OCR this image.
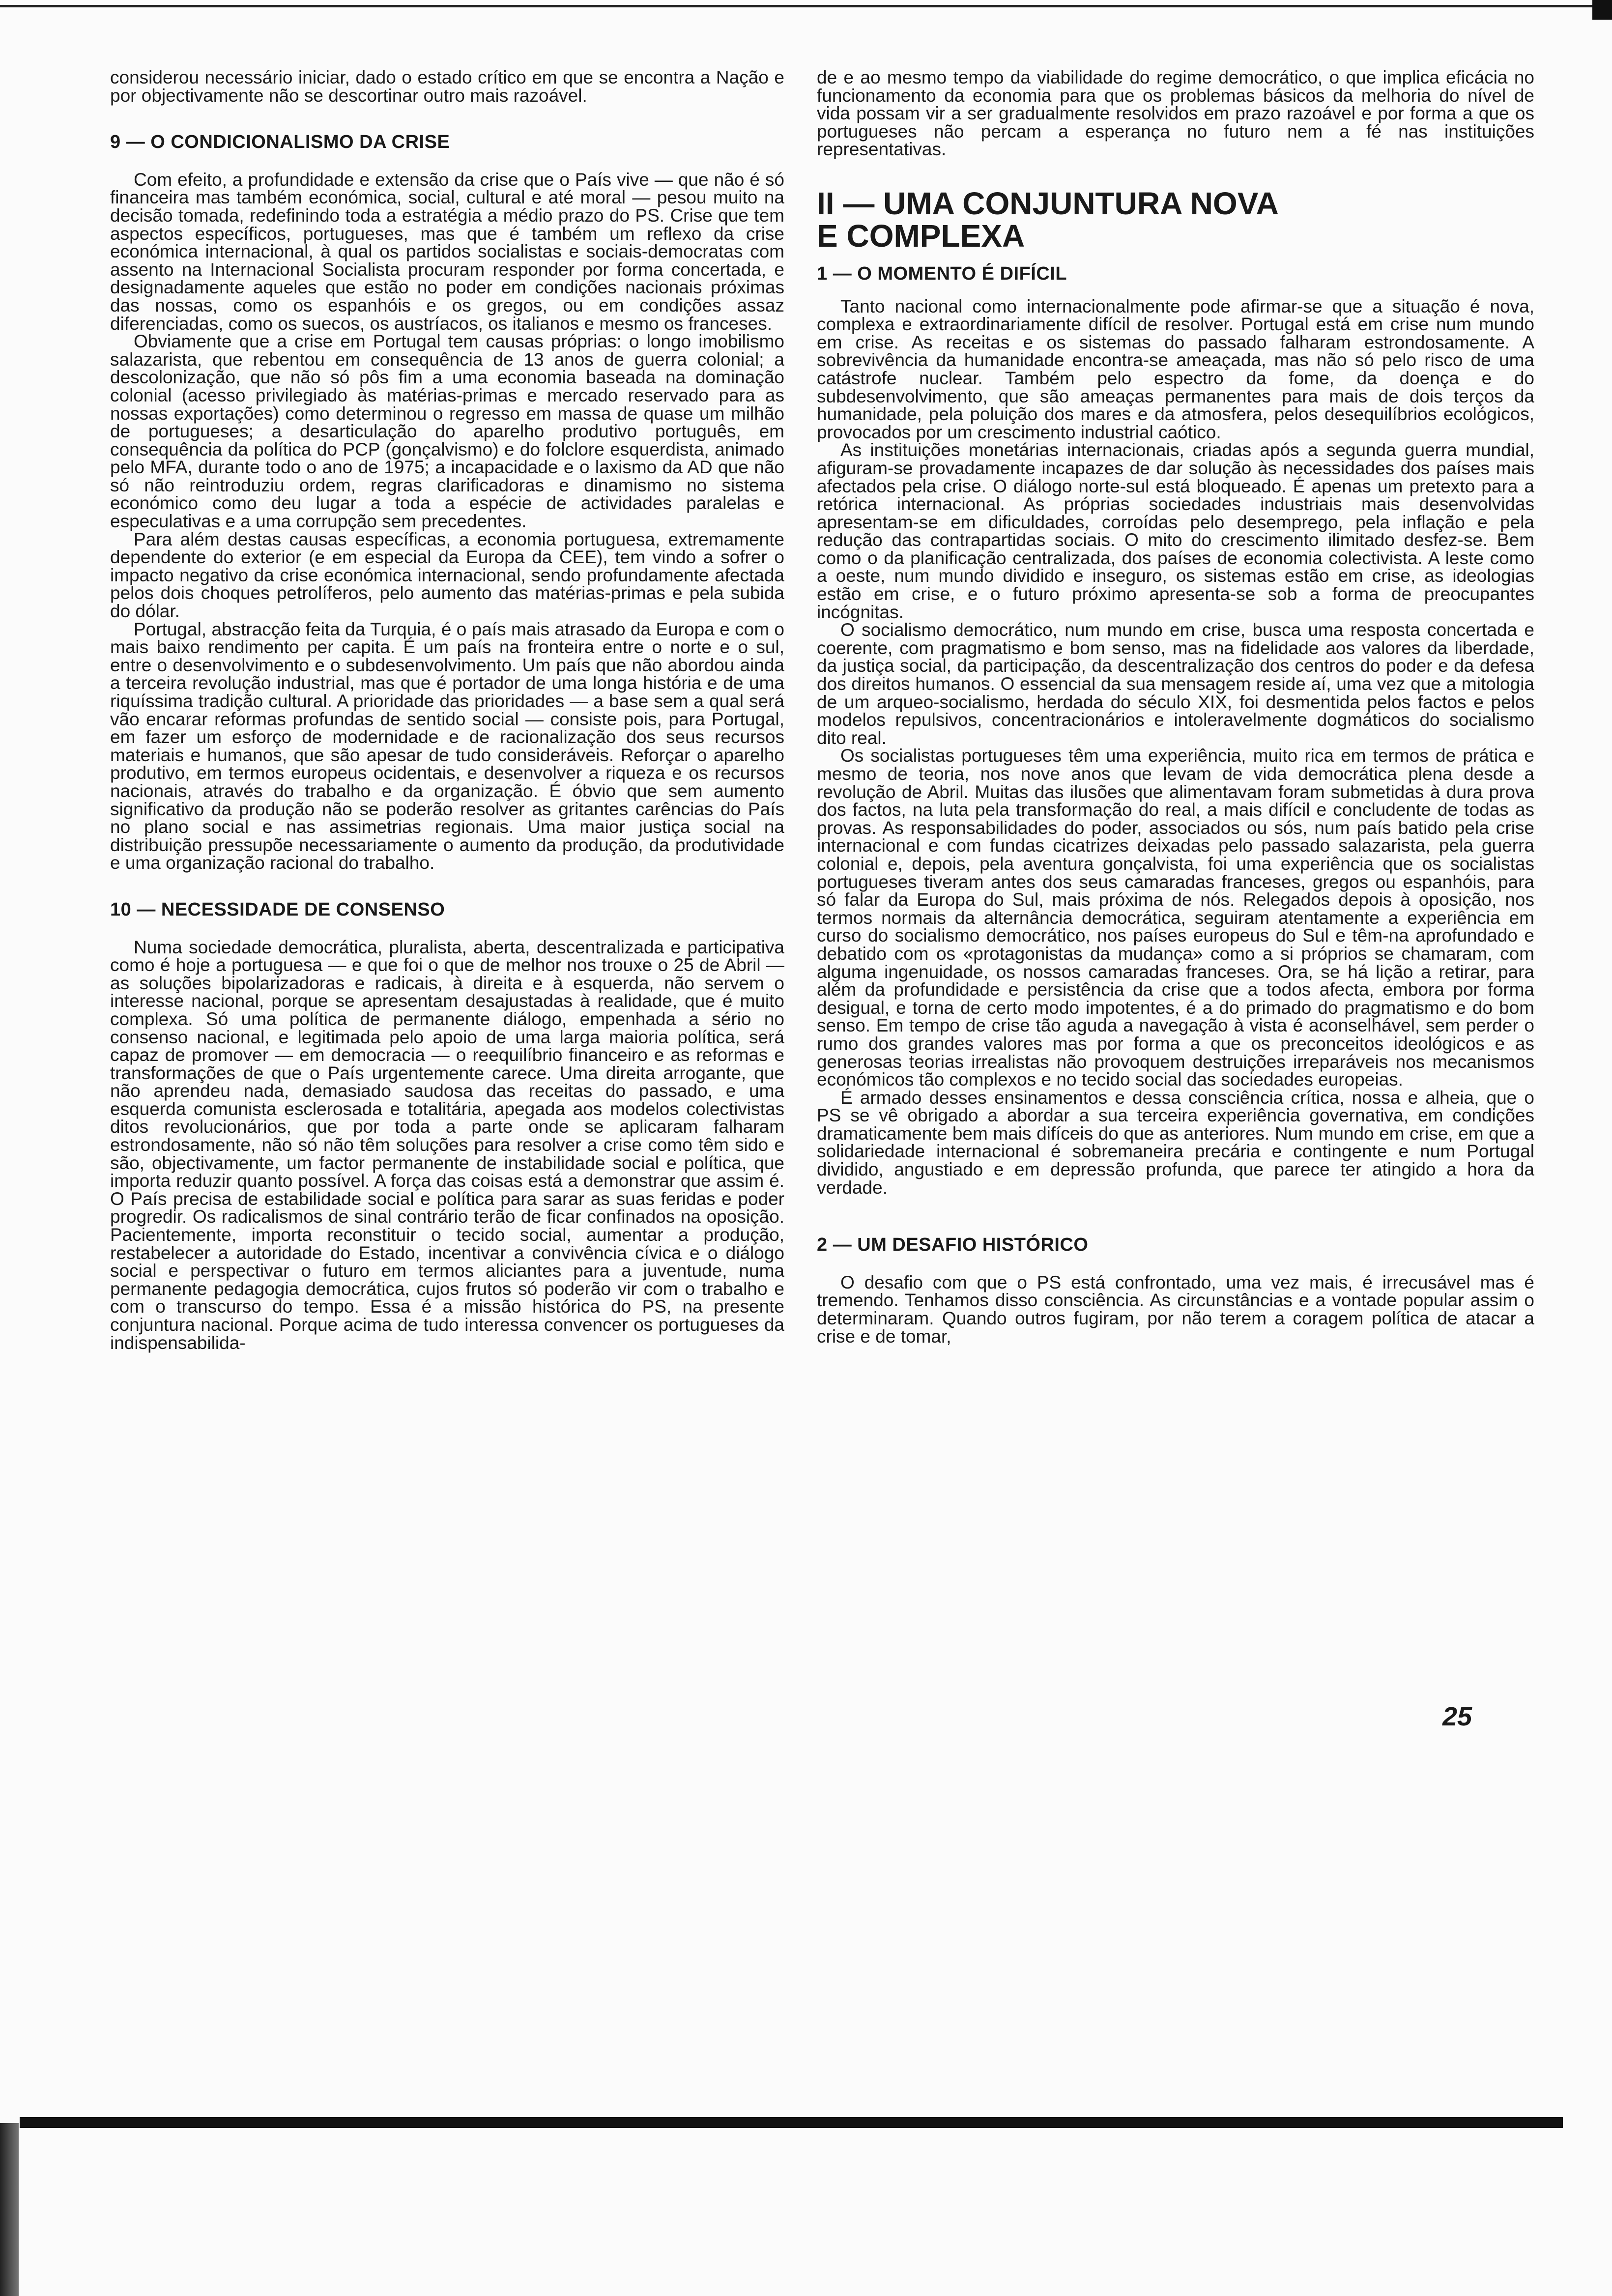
considerou necessário iniciar, dado o estado crítico em que se encontra a Nação e por objectivamente não se descortinar outro mais razoável.

9 — O CONDICIONALISMO DA CRISE

Com efeito, a profundidade e extensão da crise que o País vive — que não é só financeira mas também económica, social, cultural e até moral — pesou muito na decisão tomada, redefinindo toda a estratégia a médio prazo do PS. Crise que tem aspectos específicos, portugueses, mas que é também um reflexo da crise económica internacional, à qual os partidos socialistas e sociais-democratas com assento na Internacional Socialista procuram responder por forma concertada, e designadamente aqueles que estão no poder em condições nacionais próximas das nossas, como os espanhóis e os gregos, ou em condições assaz diferenciadas, como os suecos, os austríacos, os italianos e mesmo os franceses.

Obviamente que a crise em Portugal tem causas próprias: o longo imobilismo salazarista, que rebentou em consequência de 13 anos de guerra colonial; a descolonização, que não só pôs fim a uma economia baseada na dominação colonial (acesso privilegiado às matérias-primas e mercado reservado para as nossas exportações) como determinou o regresso em massa de quase um milhão de portugueses; a desarticulação do aparelho produtivo português, em consequência da política do PCP (gonçalvismo) e do folclore esquerdista, animado pelo MFA, durante todo o ano de 1975; a incapacidade e o laxismo da AD que não só não reintroduziu ordem, regras clarificadoras e dinamismo no sistema económico como deu lugar a toda a espécie de actividades paralelas e especulativas e a uma corrupção sem precedentes.

Para além destas causas específicas, a economia portuguesa, extremamente dependente do exterior (e em especial da Europa da CEE), tem vindo a sofrer o impacto negativo da crise económica internacional, sendo profundamente afectada pelos dois choques petrolíferos, pelo aumento das matérias-primas e pela subida do dólar.

Portugal, abstracção feita da Turquia, é o país mais atrasado da Europa e com o mais baixo rendimento per capita. É um país na fronteira entre o norte e o sul, entre o desenvolvimento e o subdesenvolvimento. Um país que não abordou ainda a terceira revolução industrial, mas que é portador de uma longa história e de uma riquíssima tradição cultural. A prioridade das prioridades — a base sem a qual será vão encarar reformas profundas de sentido social — consiste pois, para Portugal, em fazer um esforço de modernidade e de racionalização dos seus recursos materiais e humanos, que são apesar de tudo consideráveis. Reforçar o aparelho produtivo, em termos europeus ocidentais, e desenvolver a riqueza e os recursos nacionais, através do trabalho e da organização. É óbvio que sem aumento significativo da produção não se poderão resolver as gritantes carências do País no plano social e nas assimetrias regionais. Uma maior justiça social na distribuição pressupõe necessariamente o aumento da produção, da produtividade e uma organização racional do trabalho.

10 — NECESSIDADE DE CONSENSO

Numa sociedade democrática, pluralista, aberta, descentralizada e participativa como é hoje a portuguesa — e que foi o que de melhor nos trouxe o 25 de Abril — as soluções bipolarizadoras e radicais, à direita e à esquerda, não servem o interesse nacional, porque se apresentam desajustadas à realidade, que é muito complexa. Só uma política de permanente diálogo, empenhada a sério no consenso nacional, e legitimada pelo apoio de uma larga maioria política, será capaz de promover — em democracia — o reequilíbrio financeiro e as reformas e transformações de que o País urgentemente carece. Uma direita arrogante, que não aprendeu nada, demasiado saudosa das receitas do passado, e uma esquerda comunista esclerosada e totalitária, apegada aos modelos colectivistas ditos revolucionários, que por toda a parte onde se aplicaram falharam estrondosamente, não só não têm soluções para resolver a crise como têm sido e são, objectivamente, um factor permanente de instabilidade social e política, que importa reduzir quanto possível. A força das coisas está a demonstrar que assim é. O País precisa de estabilidade social e política para sarar as suas feridas e poder progredir. Os radicalismos de sinal contrário terão de ficar confinados na oposição. Pacientemente, importa reconstituir o tecido social, aumentar a produção, restabelecer a autoridade do Estado, incentivar a convivência cívica e o diálogo social e perspectivar o futuro em termos aliciantes para a juventude, numa permanente pedagogia democrática, cujos frutos só poderão vir com o trabalho e com o transcurso do tempo. Essa é a missão histórica do PS, na presente conjuntura nacional. Porque acima de tudo interessa convencer os portugueses da indispensabilida-

de e ao mesmo tempo da viabilidade do regime democrático, o que implica eficácia no funcionamento da economia para que os problemas básicos da melhoria do nível de vida possam vir a ser gradualmente resolvidos em prazo razoável e por forma a que os portugueses não percam a esperança no futuro nem a fé nas instituições representativas.

II — UMA CONJUNTURA NOVA
E COMPLEXA
1 — O MOMENTO É DIFÍCIL

Tanto nacional como internacionalmente pode afirmar-se que a situação é nova, complexa e extraordinariamente difícil de resolver. Portugal está em crise num mundo em crise. As receitas e os sistemas do passado falharam estrondosamente. A sobrevivência da humanidade encontra-se ameaçada, mas não só pelo risco de uma catástrofe nuclear. Também pelo espectro da fome, da doença e do subdesenvolvimento, que são ameaças permanentes para mais de dois terços da humanidade, pela poluição dos mares e da atmosfera, pelos desequilíbrios ecológicos, provocados por um crescimento industrial caótico.

As instituições monetárias internacionais, criadas após a segunda guerra mundial, afiguram-se provadamente incapazes de dar solução às necessidades dos países mais afectados pela crise. O diálogo norte-sul está bloqueado. É apenas um pretexto para a retórica internacional. As próprias sociedades industriais mais desenvolvidas apresentam-se em dificuldades, corroídas pelo desemprego, pela inflação e pela redução das contrapartidas sociais. O mito do crescimento ilimitado desfez-se. Bem como o da planificação centralizada, dos países de economia colectivista. A leste como a oeste, num mundo dividido e inseguro, os sistemas estão em crise, as ideologias estão em crise, e o futuro próximo apresenta-se sob a forma de preocupantes incógnitas.

O socialismo democrático, num mundo em crise, busca uma resposta concertada e coerente, com pragmatismo e bom senso, mas na fidelidade aos valores da liberdade, da justiça social, da participação, da descentralização dos centros do poder e da defesa dos direitos humanos. O essencial da sua mensagem reside aí, uma vez que a mitologia de um arqueo-socialismo, herdada do século XIX, foi desmentida pelos factos e pelos modelos repulsivos, concentracionários e intoleravelmente dogmáticos do socialismo dito real.

Os socialistas portugueses têm uma experiência, muito rica em termos de prática e mesmo de teoria, nos nove anos que levam de vida democrática plena desde a revolução de Abril. Muitas das ilusões que alimentavam foram submetidas à dura prova dos factos, na luta pela transformação do real, a mais difícil e concludente de todas as provas. As responsabilidades do poder, associados ou sós, num país batido pela crise internacional e com fundas cicatrizes deixadas pelo passado salazarista, pela guerra colonial e, depois, pela aventura gonçalvista, foi uma experiência que os socialistas portugueses tiveram antes dos seus camaradas franceses, gregos ou espanhóis, para só falar da Europa do Sul, mais próxima de nós. Relegados depois à oposição, nos termos normais da alternância democrática, seguiram atentamente a experiência em curso do socialismo democrático, nos países europeus do Sul e têm-na aprofundado e debatido com os «protagonistas da mudança» como a si próprios se chamaram, com alguma ingenuidade, os nossos camaradas franceses. Ora, se há lição a retirar, para além da profundidade e persistência da crise que a todos afecta, embora por forma desigual, e torna de certo modo impotentes, é a do primado do pragmatismo e do bom senso. Em tempo de crise tão aguda a navegação à vista é aconselhável, sem perder o rumo dos grandes valores mas por forma a que os preconceitos ideológicos e as generosas teorias irrealistas não provoquem destruições irreparáveis nos mecanismos económicos tão complexos e no tecido social das sociedades europeias.

É armado desses ensinamentos e dessa consciência crítica, nossa e alheia, que o PS se vê obrigado a abordar a sua terceira experiência governativa, em condições dramaticamente bem mais difíceis do que as anteriores. Num mundo em crise, em que a solidariedade internacional é sobremaneira precária e contingente e num Portugal dividido, angustiado e em depressão profunda, que parece ter atingido a hora da verdade.

2 — UM DESAFIO HISTÓRICO

O desafio com que o PS está confrontado, uma vez mais, é irrecusável mas é tremendo. Tenhamos disso consciência. As circunstâncias e a vontade popular assim o determinaram. Quando outros fugiram, por não terem a coragem política de atacar a crise e de tomar,

25
